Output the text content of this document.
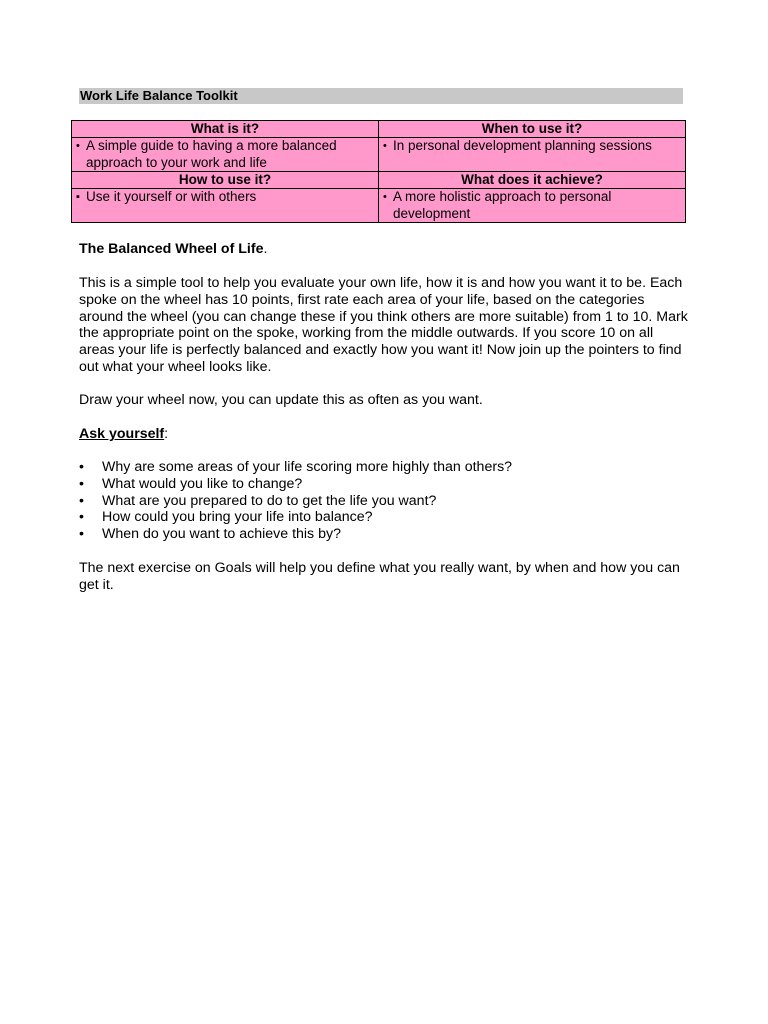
Work Life Balance Toolkit
What is it?	When to use it?

• A simple guide to having a more balanced approach to your work and life	• In personal development planning sessions

How to use it?	What does it achieve?

▪ Use it yourself or with others	• A more holistic approach to personal development
The Balanced Wheel of Life.
This is a simple tool to help you evaluate your own life, how it is and how you want it to be. Each spoke on the wheel has 10 points, first rate each area of your life, based on the categories around the wheel (you can change these if you think others are more suitable) from 1 to 10. Mark the appropriate point on the spoke, working from the middle outwards. If you score 10 on all areas your life is perfectly balanced and exactly how you want it! Now join up the pointers to find out what your wheel looks like.
Draw your wheel now, you can update this as often as you want.
Ask yourself:
•	Why are some areas of your life scoring more highly than others?
•	What would you like to change?
•	What are you prepared to do to get the life you want?
•	How could you bring your life into balance?
•	When do you want to achieve this by?
The next exercise on Goals will help you define what you really want, by when and how you can get it.
